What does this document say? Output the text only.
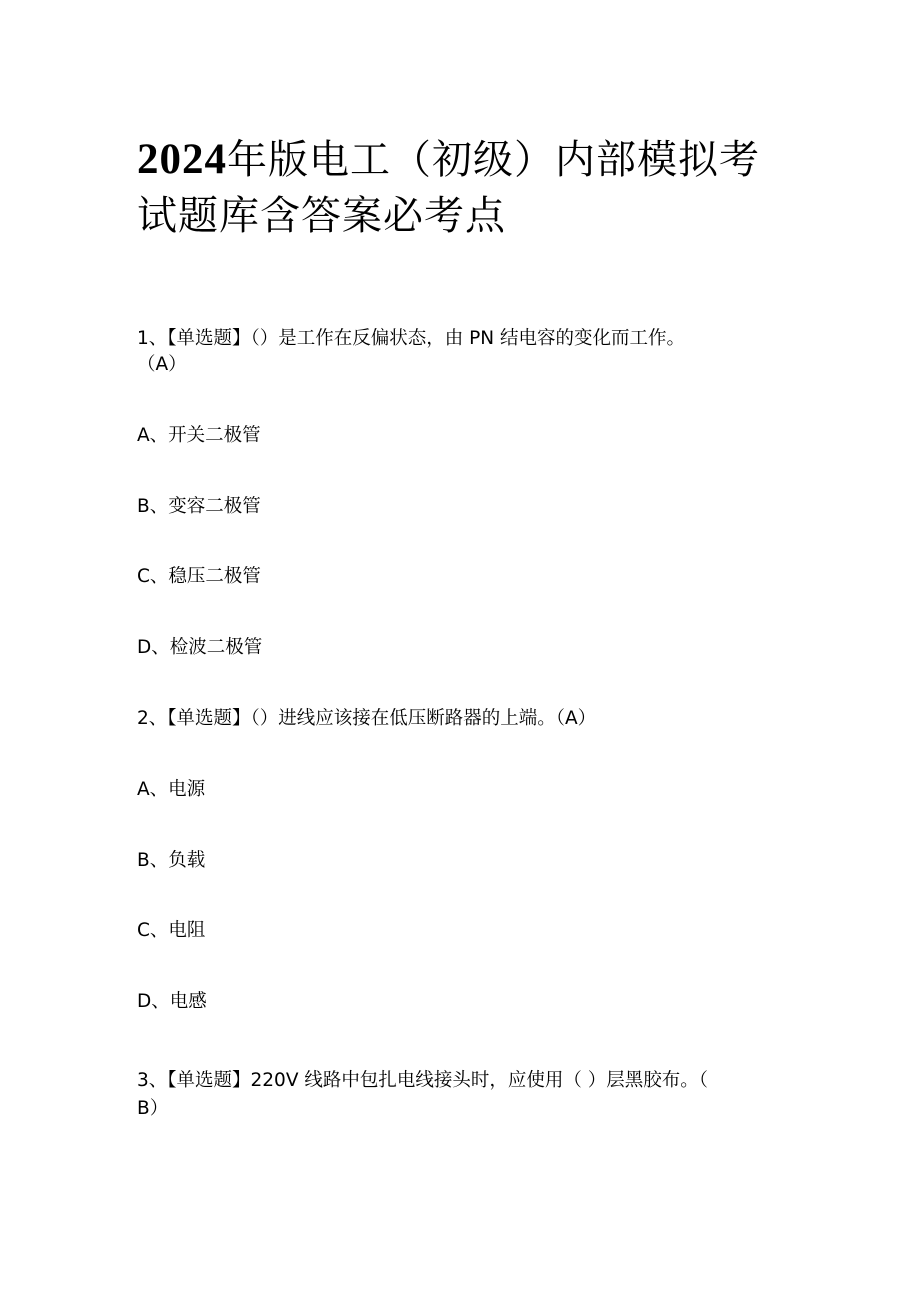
2024年版电工（初级）内部模拟考
试题库含答案必考点

1、【单选题】（）是工作在反偏状态，由 PN 结电容的变化而工作。

（A）

A、开关二极管

B、变容二极管

C、稳压二极管

D、检波二极管

2、【单选题】（）进线应该接在低压断路器的上端。（A）

A、电源

B、负载

C、电阻

D、电感

3、【单选题】220V 线路中包扎电线接头时，应使用（ ）层黑胶布。（

B）
